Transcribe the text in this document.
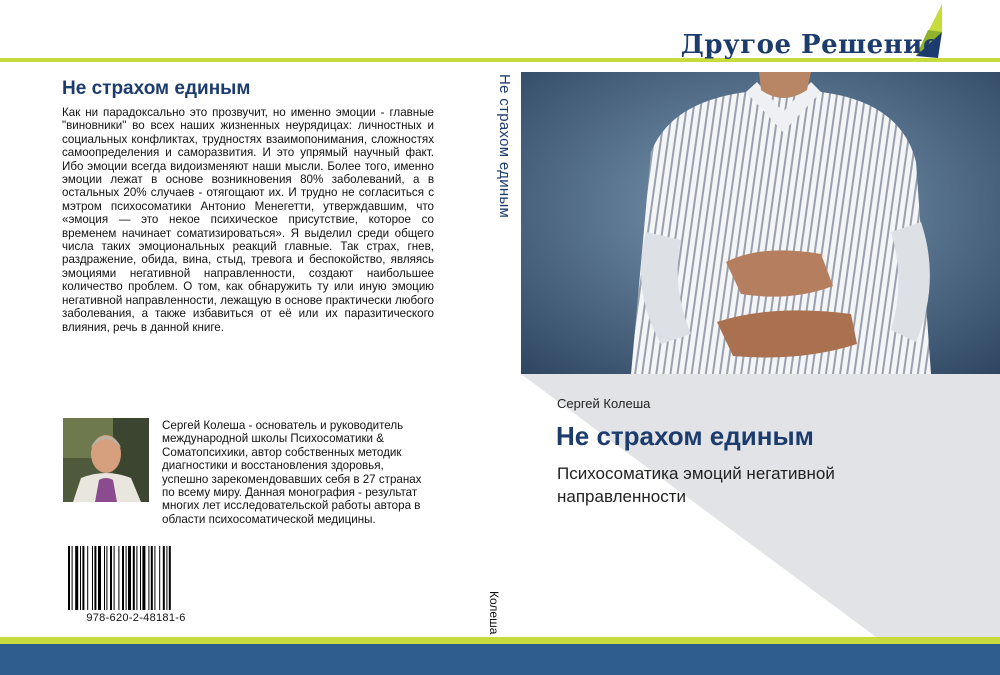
Другое Решение
Не страхом единым
Как ни парадоксально это прозвучит, но именно эмоции - главные "виновники" во всех наших жизненных неурядицах: личностных и социальных конфликтах, трудностях взаимопонимания, сложностях самоопределения и саморазвития. И это упрямый научный факт. Ибо эмоции всегда видоизменяют наши мысли. Более того, именно эмоции лежат в основе возникновения 80% заболеваний, а в остальных 20% случаев - отягощают их. И трудно не согласиться с мэтром психосоматики Антонио Менегетти, утверждавшим, что «эмоция — это некое психическое присутствие, которое со временем начинает соматизироваться». Я выделил среди общего числа таких эмоциональных реакций главные. Так страх, гнев, раздражение, обида, вина, стыд, тревога и беспокойство, являясь эмоциями негативной направленности, создают наибольшее количество проблем. О том, как обнаружить ту или иную эмоцию негативной направленности, лежащую в основе практически любого заболевания, а также избавиться от её или их паразитического влияния, речь в данной книге.
Сергей Колеша - основатель и руководитель международной школы Психосоматики & Соматопсихики, автор собственных методик диагностики и восстановления здоровья, успешно зарекомендовавших себя в 27 странах по всему миру. Данная монография - результат многих лет исследовательской работы автора в области психосоматической медицины.
978-620-2-48181-6
Не страхом единым
Колеша
Сергей Колеша
Не страхом единым
Психосоматика эмоций негативной направленности
